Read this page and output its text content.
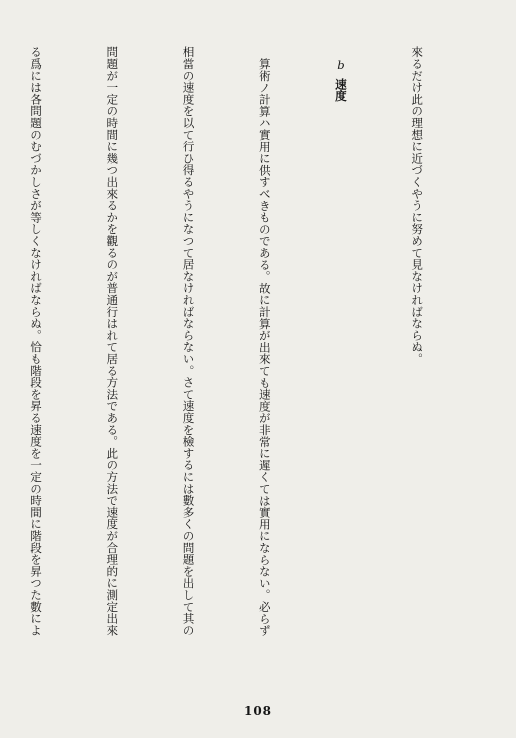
來るだけ此の理想に近づくやうに努めて見なければならぬ。

b速度

算術ノ計算ハ實用に供すべきものである。故に計算が出來ても速度が非常に遲くては實用にならない。必らず

相當の速度を以て行ひ得るやうになつて居なければならない。さて速度を檢するには數多くの問題を出して其の

問題が一定の時間に幾つ出來るかを觀るのが普通行はれて居る方法である。此の方法で速度が合理的に測定出來

る爲には各問題のむづかしさが等しくなければならぬ。恰も階段を昇る速度を一定の時間に階段を昇つた數によ

108
